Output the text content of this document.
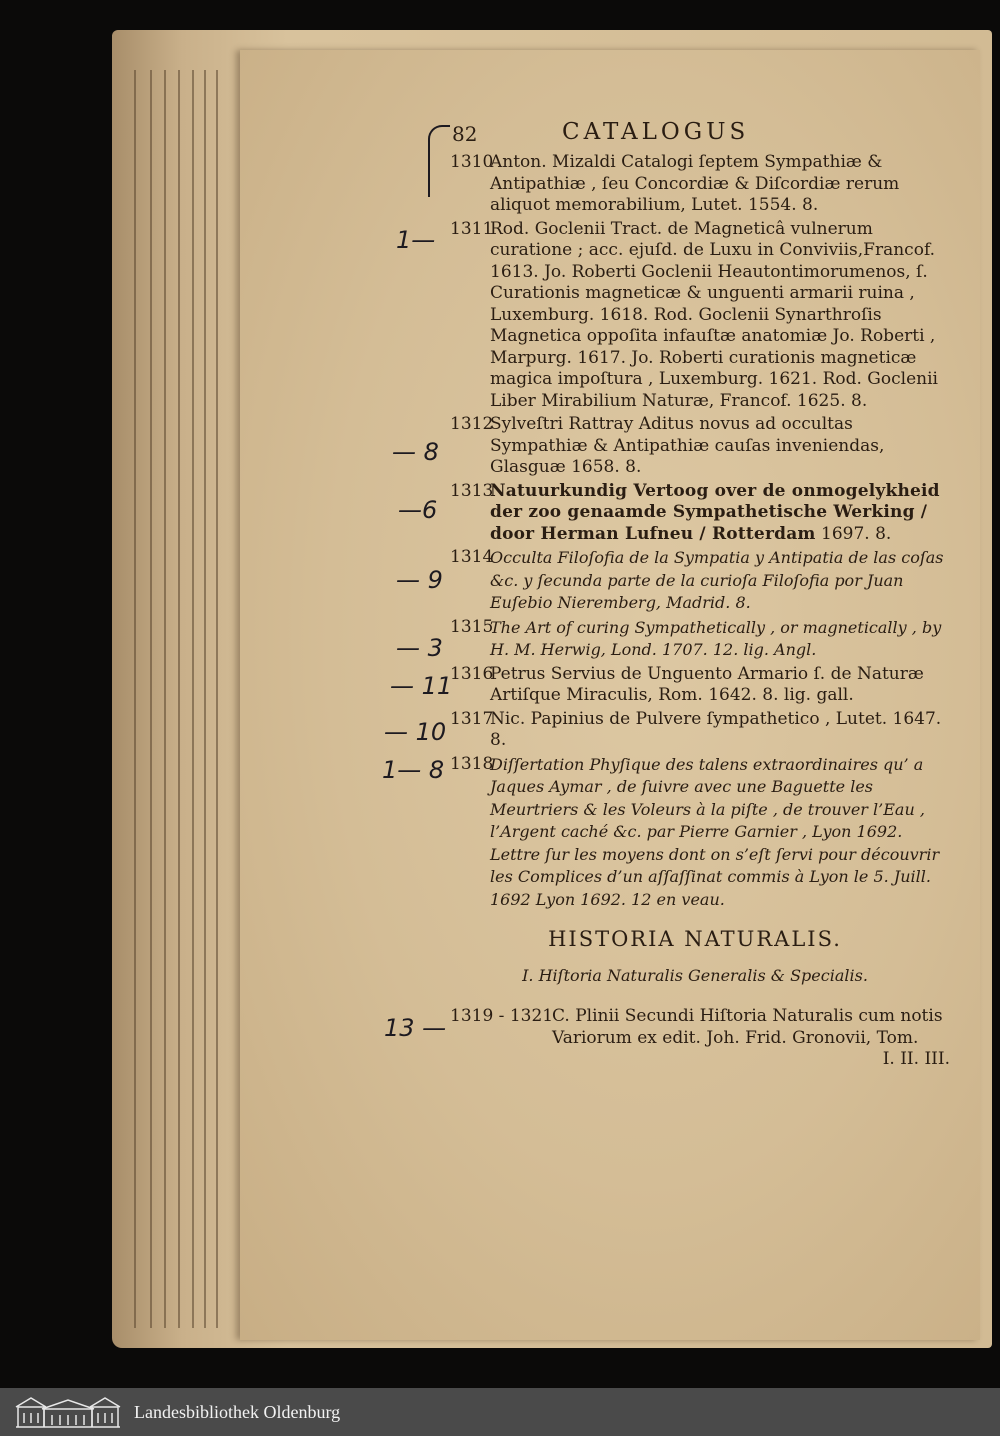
82	CATALOGUS
1310
Anton. Mizaldi Catalogi ſeptem Sympathiæ & Antipathiæ , ſeu Concordiæ & Diſcordiæ rerum aliquot memorabilium, Lutet. 1554. 8.
1311
Rod. Goclenii Tract. de Magneticâ vulnerum curatione ; acc. ejuſd. de Luxu in Conviviis,Francof. 1613. Jo. Roberti Goclenii Heautontimorumenos, ſ. Curationis magneticæ & unguenti armarii ruina , Luxemburg. 1618. Rod. Goclenii Synarthroſis Magnetica oppoſita infauſtæ anatomiæ Jo. Roberti , Marpurg. 1617. Jo. Roberti curationis magneticæ magica impoſtura , Luxemburg. 1621. Rod. Goclenii Liber Mirabilium Naturæ, Francof. 1625. 8.
1312
Sylveſtri Rattray Aditus novus ad occultas Sympathiæ & Antipathiæ cauſas inveniendas, Glasguæ 1658. 8.
1313
Natuurkundig Vertoog over de onmogelykheid der zoo genaamde Sympathetische Werking / door Herman Lufneu / Rotterdam 1697. 8.
1314
Occulta Filoſofia de la Sympatia y Antipatia de las coſas &c. y ſecunda parte de la curioſa Filoſofia por Juan Euſebio Nieremberg, Madrid. 8.
1315
The Art of curing Sympathetically , or magnetically , by H. M. Herwig, Lond. 1707. 12. lig. Angl.
1316
Petrus Servius de Unguento Armario ſ. de Naturæ Artiſque Miraculis, Rom. 1642. 8. lig. gall.
1317
Nic. Papinius de Pulvere ſympathetico , Lutet. 1647. 8.
1318
Diſſertation Phyſique des talens extraordinaires qu’ a Jaques Aymar , de ſuivre avec une Baguette les Meurtriers & les Voleurs à la piſte , de trouver l’Eau , l’Argent caché &c. par Pierre Garnier , Lyon 1692. Lettre ſur les moyens dont on s’eſt ſervi pour découvrir les Complices d’un aſſaſſinat commis à Lyon le 5. Juill. 1692 Lyon 1692. 12 en veau.
HISTORIA NATURALIS.
I. Hiſtoria Naturalis Generalis & Specialis.
1319 - 1321
C. Plinii Secundi Hiſtoria Naturalis cum notis Variorum ex edit. Joh. Frid. Gronovii, Tom.
I. II. III.
1—
— 8
—6
— 9
— 3
— 11
— 10
1— 8
13 —
Landesbibliothek Oldenburg
